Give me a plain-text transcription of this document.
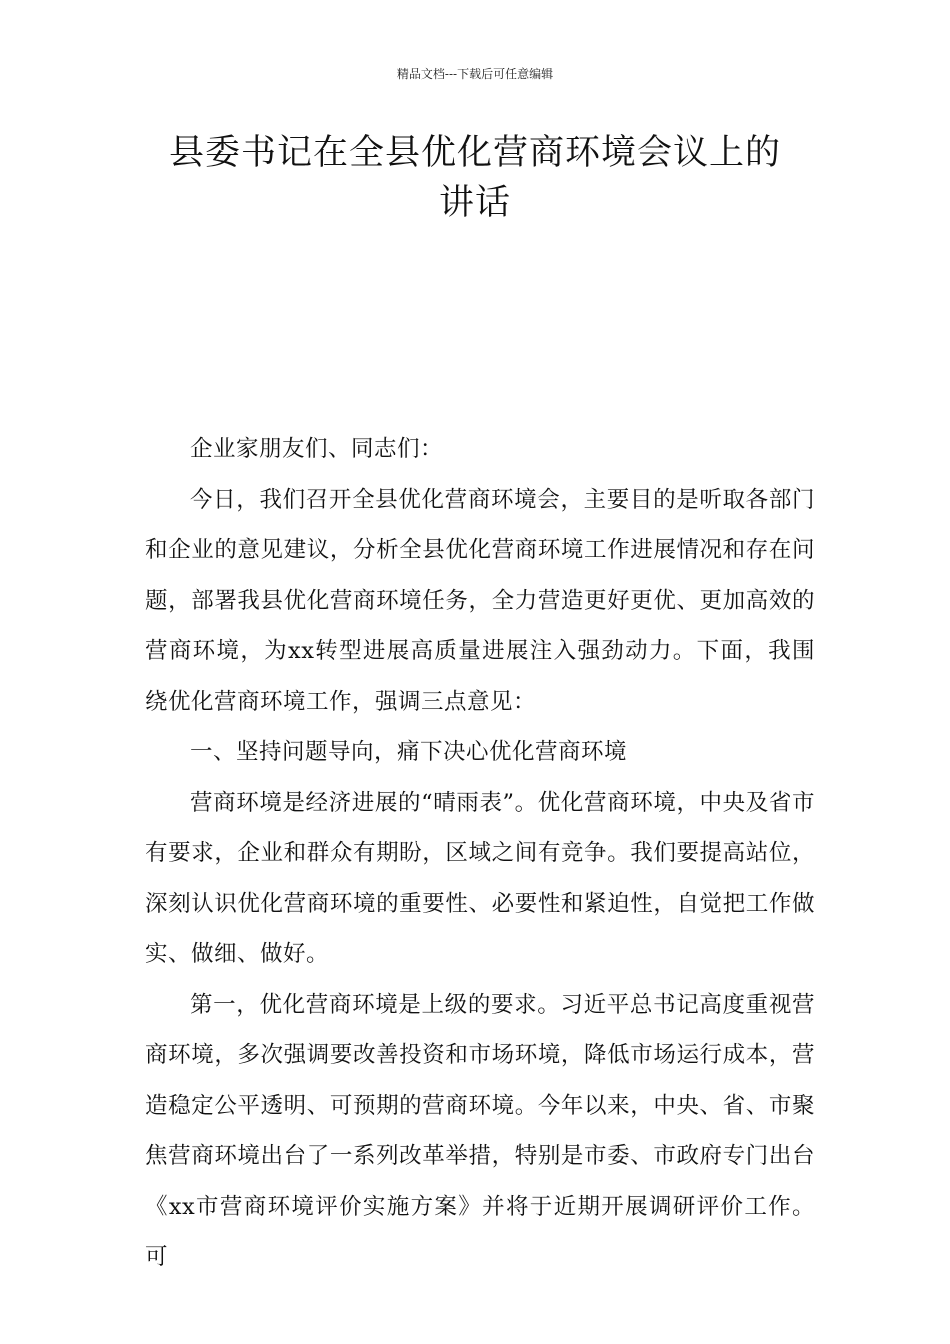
精品文档---下载后可任意编辑
县委书记在全县优化营商环境会议上的
讲话

企业家朋友们、同志们：

今日，我们召开全县优化营商环境会，主要目的是听取各部门和企业的意见建议，分析全县优化营商环境工作进展情况和存在问题，部署我县优化营商环境任务，全力营造更好更优、更加高效的营商环境，为xx转型进展高质量进展注入强劲动力。下面，我围绕优化营商环境工作，强调三点意见：

一、坚持问题导向，痛下决心优化营商环境

营商环境是经济进展的“晴雨表”。优化营商环境，中央及省市有要求，企业和群众有期盼，区域之间有竞争。我们要提高站位，深刻认识优化营商环境的重要性、必要性和紧迫性，自觉把工作做实、做细、做好。

第一，优化营商环境是上级的要求。习近平总书记高度重视营商环境，多次强调要改善投资和市场环境，降低市场运行成本，营造稳定公平透明、可预期的营商环境。今年以来，中央、省、市聚焦营商环境出台了一系列改革举措，特别是市委、市政府专门出台《xx市营商环境评价实施方案》并将于近期开展调研评价工作。可
